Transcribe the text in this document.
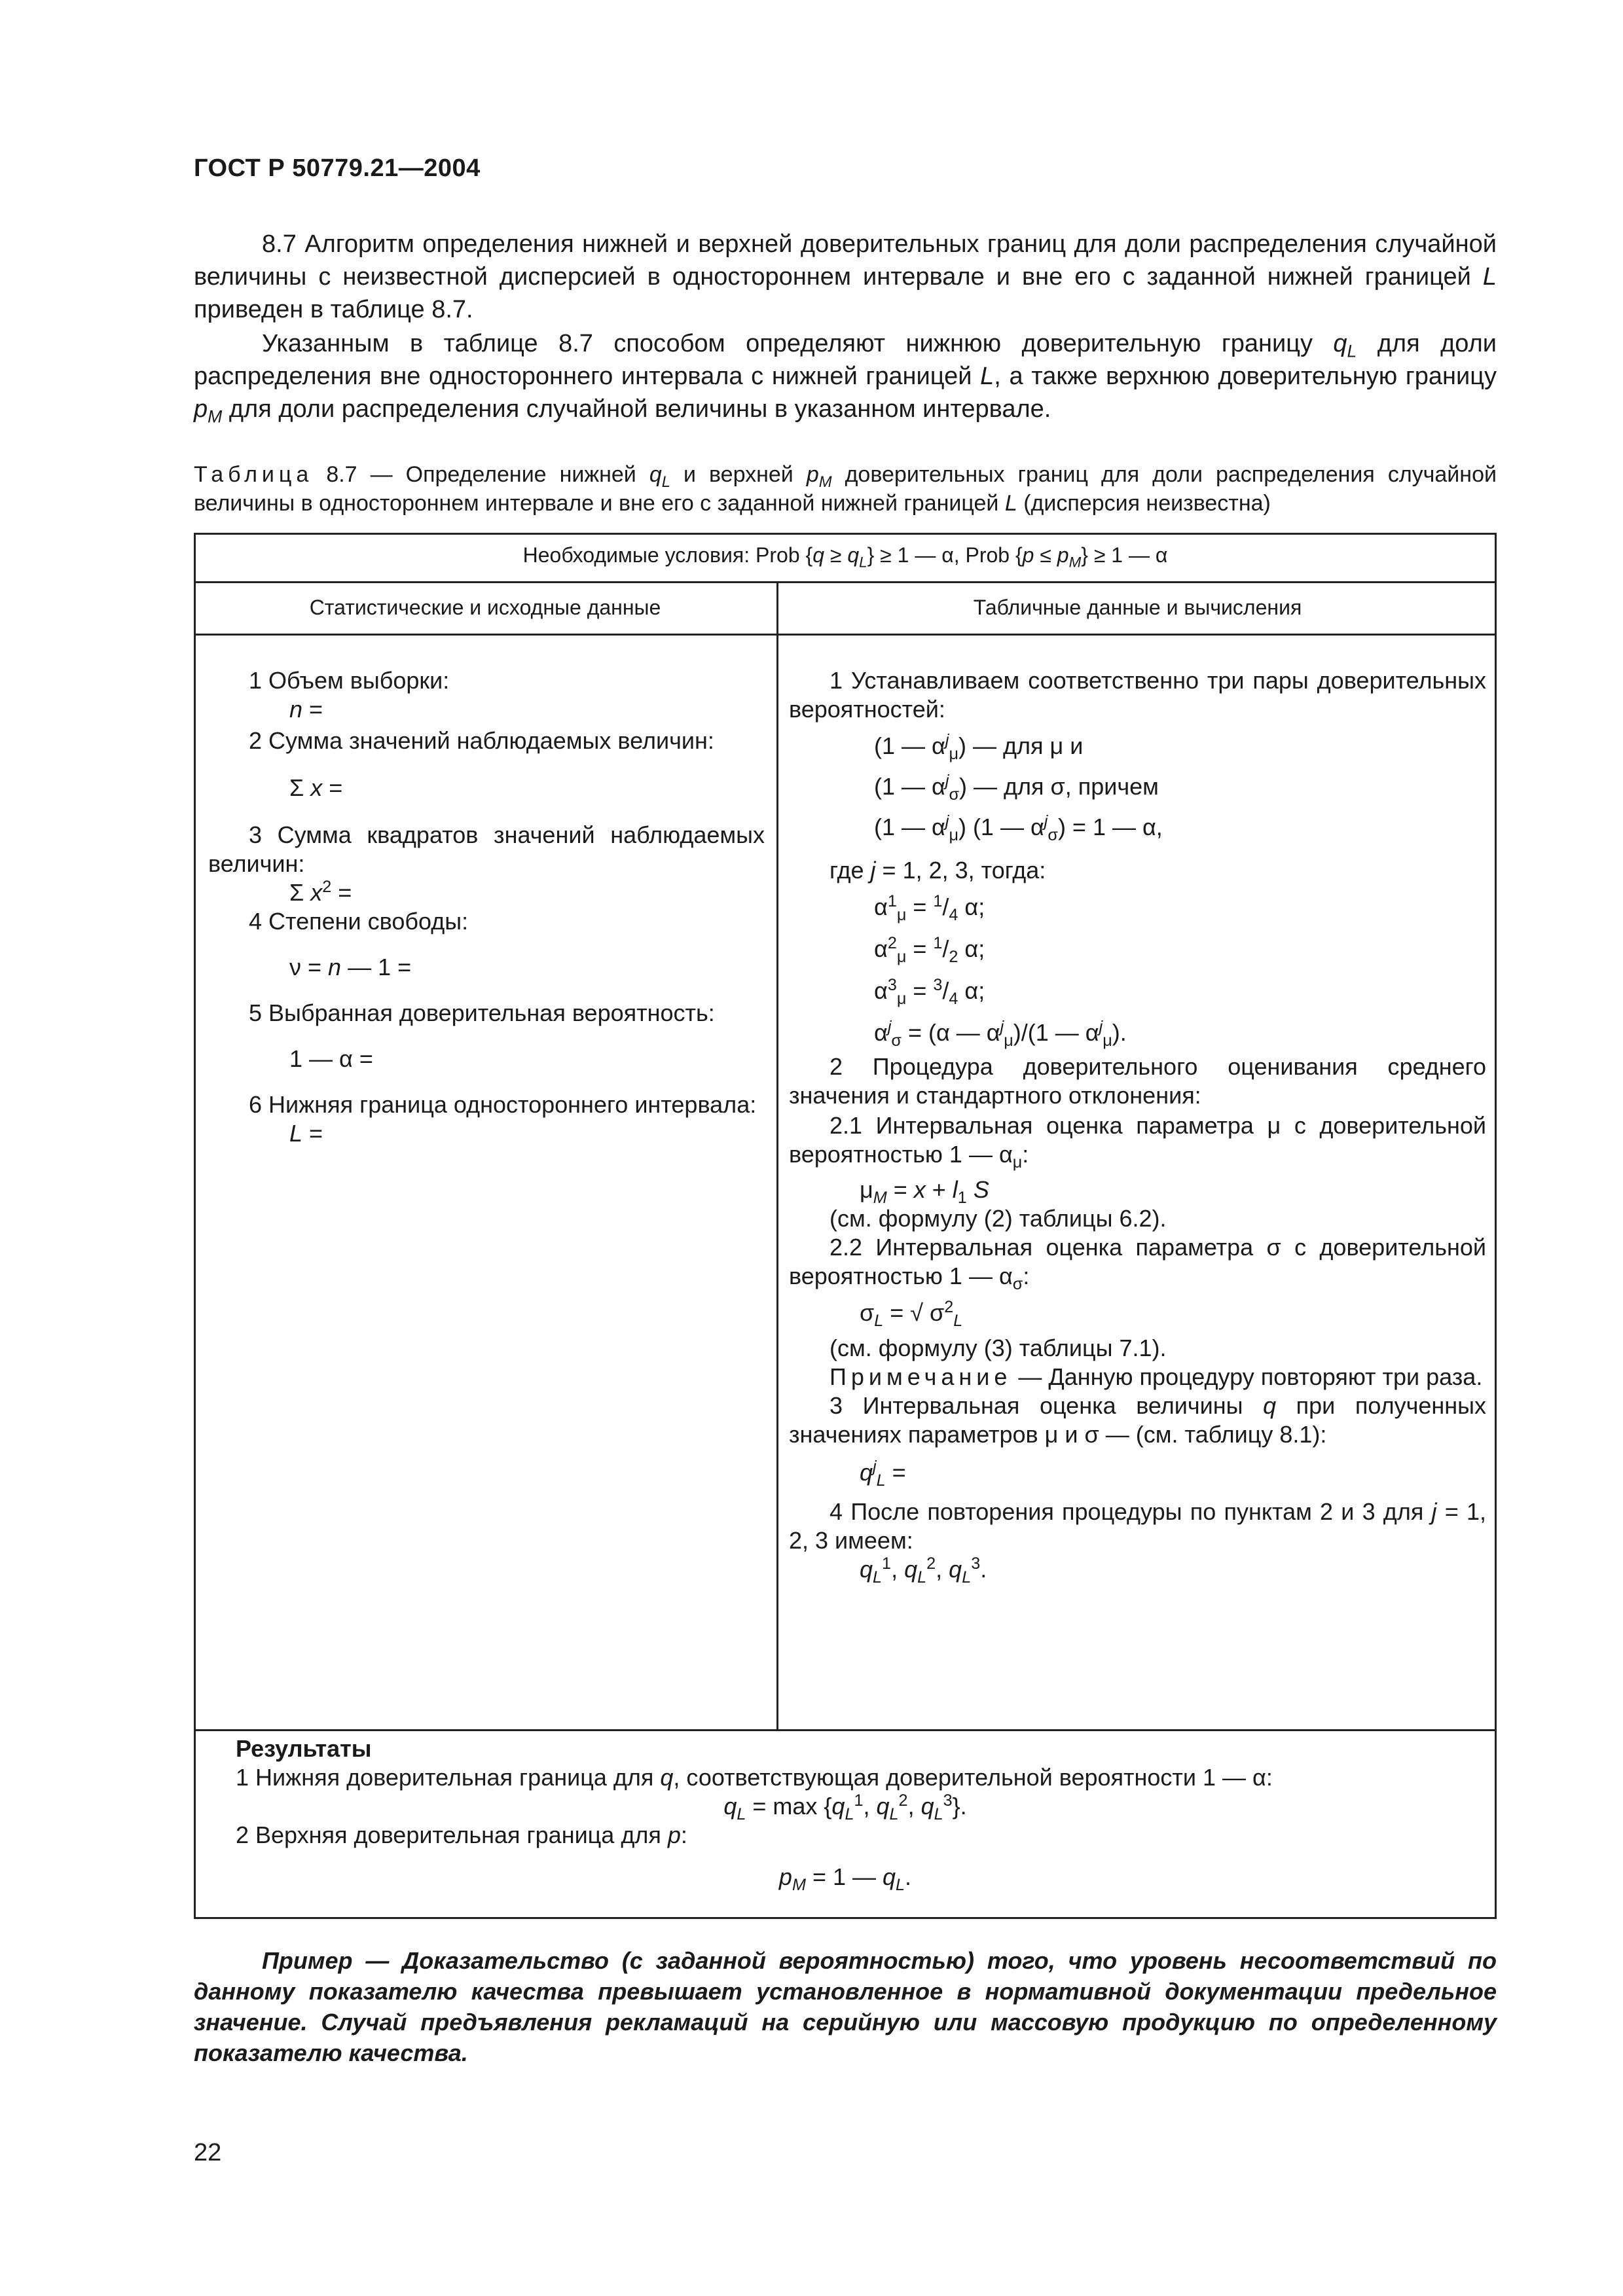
ГОСТ Р 50779.21—2004

8.7 Алгоритм определения нижней и верхней доверительных границ для доли распределения случайной величины с неизвестной дисперсией в одностороннем интервале и вне его с заданной нижней границей L приведен в таблице 8.7.

Указанным в таблице 8.7 способом определяют нижнюю доверительную границу $q_L$ для доли распределения вне одностороннего интервала с нижней границей L, а также верхнюю доверительную границу $p_M$ для доли распределения случайной величины в указанном интервале.

Таблица 8.7 — Определение нижней $q_L$ и верхней $p_M$ доверительных границ для доли распределения случайной величины в одностороннем интервале и вне его с заданной нижней границей L (дисперсия неизвестна)
Необходимые условия: Prob $\{q \ge q_L\} \ge 1$ — α, Prob $\{p \le p_M\} \ge 1$ — α
Статистические и исходные данные	Табличные данные и вычисления
1 Объем выборки:
n =
2 Сумма значений наблюдаемых величин:
Σ x =
3 Сумма квадратов значений наблюдаемых величин:
Σ $x^2$ =
4 Степени свободы:
ν = n — 1 =
5 Выбранная доверительная вероятность:
1 — α =
6 Нижняя граница одностороннего интервала:
L =
1 Устанавливаем соответственно три пары доверительных вероятностей:
(1 — $\alpha^j_\mu$) — для μ и
(1 — $\alpha^j_\sigma$) — для σ, причем
(1 — $\alpha^j_\mu$) (1 — $\alpha^j_\sigma) = 1$ — α,
где j = 1, 2, 3, тогда:
$\alpha^1_\mu = ^1/_4$ α;
$\alpha^2_\mu = ^1/_2$ α;
$\alpha^3_\mu = ^3/_4$ α;
$\alpha^j_\sigma = (\alpha$ — $\alpha^j_\mu)/(1$ — $\alpha^j_\mu$).
2 Процедура доверительного оценивания среднего значения и стандартного отклонения:
2.1 Интервальная оценка параметра μ с доверительной вероятностью 1 — $\alpha_\mu$:
$\mu_M = x + l_1$ S
(см. формулу (2) таблицы 6.2).
2.2 Интервальная оценка параметра σ с доверительной вероятностью 1 — $\alpha_\sigma$:
$\sigma_L$ = √ $\sigma^2_L$
(см. формулу (3) таблицы 7.1).
Примечание — Данную процедуру повторяют три раза.
3 Интервальная оценка величины q при полученных значениях параметров μ и σ — (см. таблицу 8.1):
$q^j_L$ =
4 После повторения процедуры по пунктам 2 и 3 для j = 1, 2, 3 имеем:
$q_L^1$, $q_L^2$, $q_L^3$.
Результаты
1 Нижняя доверительная граница для q, соответствующая доверительной вероятности 1 — α:
$q_L = \max \{q_L^1$, $q_L^2$, $q_L^3$}.
2 Верхняя доверительная граница для p:
$p_M = 1$ — $q_L$.

Пример — Доказательство (с заданной вероятностью) того, что уровень несоответствий по данному показателю качества превышает установленное в нормативной документации предельное значение. Случай предъявления рекламаций на серийную или массовую продукцию по определенному показателю качества.

22
